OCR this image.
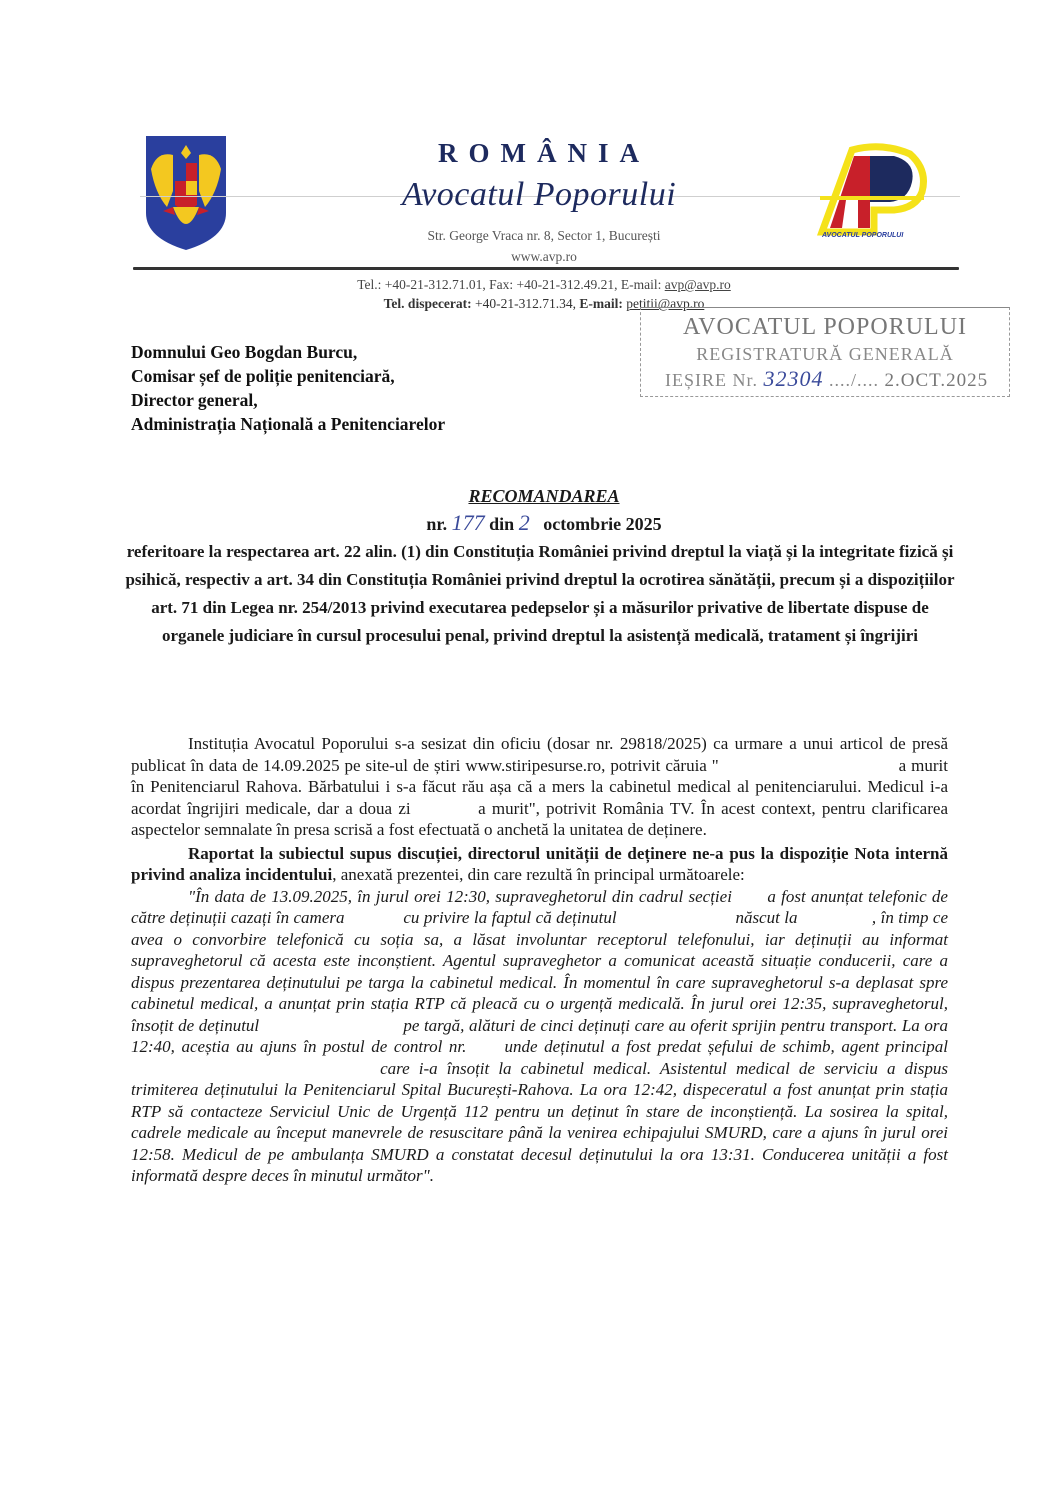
ROMÂNIA
Avocatul Poporului
Str. George Vraca nr. 8, Sector 1, București
www.avp.ro
AVOCATUL POPORULUI
Tel.: +40-21-312.71.01, Fax: +40-21-312.49.21, E-mail: avp@avp.ro
Tel. dispecerat: +40-21-312.71.34, E-mail: petitii@avp.ro
AVOCATUL POPORULUI
REGISTRATURĂ GENERALĂ
IEȘIRE Nr. 32304 ..../.... 2.OCT.2025
Domnului Geo Bogdan Burcu,
Comisar șef de poliție penitenciară,
Director general,
Administrația Națională a Penitenciarelor
RECOMANDAREA
nr. 177 din 2 octombrie 2025
referitoare la respectarea art. 22 alin. (1) din Constituția României privind dreptul la viață și la integritate fizică și psihică, respectiv a art. 34 din Constituția României privind dreptul la ocrotirea sănătății, precum și a dispozițiilor art. 71 din Legea nr. 254/2013 privind executarea pedepselor și a măsurilor privative de libertate dispuse de organele judiciare în cursul procesului penal, privind dreptul la asistență medicală, tratament și îngrijiri

Instituția Avocatul Poporului s-a sesizat din oficiu (dosar nr. 29818/2025) ca urmare a unui articol de presă publicat în data de 14.09.2025 pe site-ul de știri www.stiripesurse.ro, potrivit căruia "	a murit în Penitenciarul Rahova. Bărbatului i s-a făcut rău așa că a mers la cabinetul medical al penitenciarului. Medicul i-a acordat îngrijiri medicale, dar a doua zi	a murit", potrivit România TV. În acest context, pentru clarificarea aspectelor semnalate în presa scrisă a fost efectuată o anchetă la unitatea de deținere.

Raportat la subiectul supus discuției, directorul unității de deținere ne-a pus la dispoziție Nota internă privind analiza incidentului, anexată prezentei, din care rezultă în principal următoarele:

"În data de 13.09.2025, în jurul orei 12:30, supraveghetorul din cadrul secției  a fost anunțat telefonic de către deținuții cazați în camera	cu privire la faptul că deținutul	născut la	, în timp ce avea o convorbire telefonică cu soția sa, a lăsat involuntar receptorul telefonului, iar deținuții au informat supraveghetorul că acesta este inconștient. Agentul supraveghetor a comunicat această situație conducerii, care a dispus prezentarea deținutului pe targa la cabinetul medical. În momentul în care supraveghetorul s-a deplasat spre cabinetul medical, a anunțat prin stația RTP că pleacă cu o urgență medicală. În jurul orei 12:35, supraveghetorul, însoțit de deținutul	pe targă, alături de cinci deținuți care au oferit sprijin pentru transport. La ora 12:40, aceștia au ajuns în postul de control nr.  unde deținutul a fost predat șefului de schimb, agent principal  care i-a însoțit la cabinetul medical. Asistentul medical de serviciu a dispus trimiterea deținutului la Penitenciarul Spital București-Rahova. La ora 12:42, dispeceratul a fost anunțat prin stația RTP să contacteze Serviciul Unic de Urgență 112 pentru un deținut în stare de inconștiență. La sosirea la spital, cadrele medicale au început manevrele de resuscitare până la venirea echipajului SMURD, care a ajuns în jurul orei 12:58. Medicul de pe ambulanța SMURD a constatat decesul deținutului la ora 13:31. Conducerea unității a fost informată despre deces în minutul următor".
